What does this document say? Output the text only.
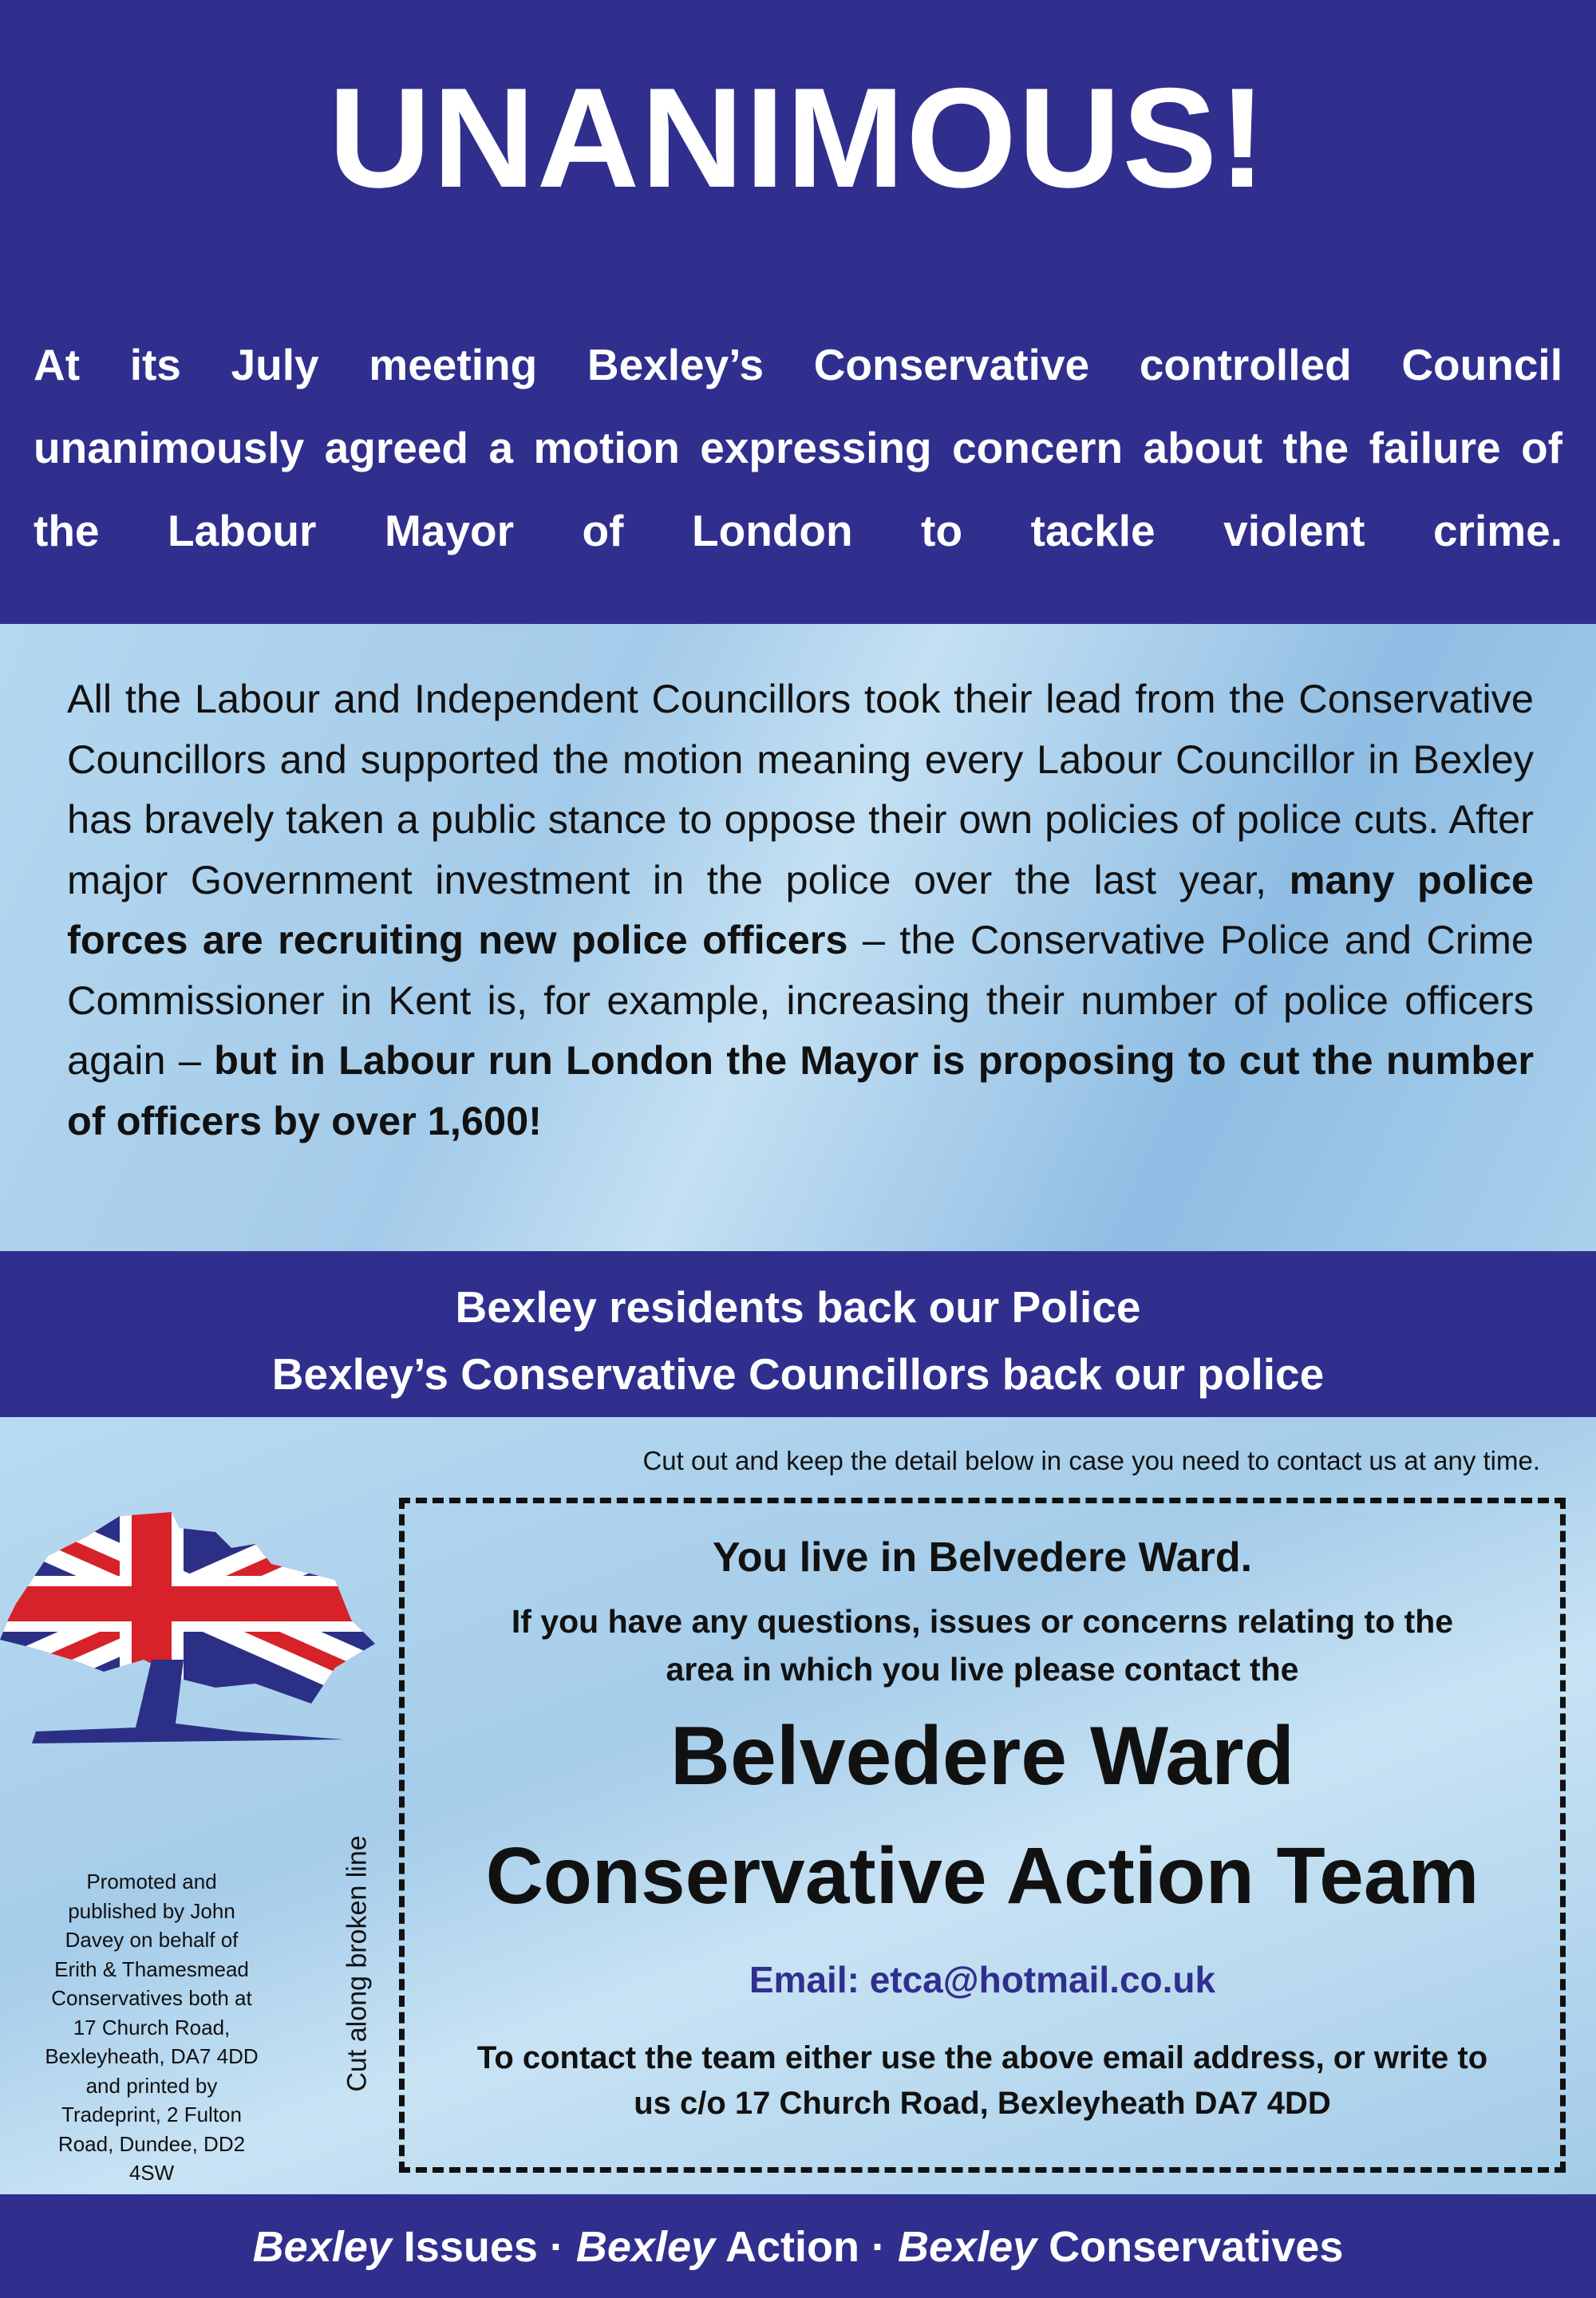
UNANIMOUS!
At its July meeting Bexley’s Conservative controlled Council unanimously agreed a motion expressing concern about the failure of the Labour Mayor of London to tackle violent crime.
All the Labour and Independent Councillors took their lead from the Conservative Councillors and supported the motion meaning every Labour Councillor in Bexley has bravely taken a public stance to oppose their own policies of police cuts. After major Government investment in the police over the last year, many police forces are recruiting new police officers – the Conservative Police and Crime Commissioner in Kent is, for example, increasing their number of police officers again – but in Labour run London the Mayor is proposing to cut the number of officers by over 1,600!
Bexley residents back our Police
Bexley’s Conservative Councillors back our police
Promoted and
published by John
Davey on behalf of
Erith & Thamesmead
Conservatives both at
17 Church Road,
Bexleyheath, DA7 4DD
and printed by
Tradeprint, 2 Fulton
Road, Dundee, DD2
4SW
Cut out and keep the detail below in case you need to contact us at any time.
Cut along broken line
You live in Belvedere Ward.
If you have any questions, issues or concerns relating to the
area in which you live please contact the
Belvedere Ward
Conservative Action Team
Email: etca@hotmail.co.uk
To contact the team either use the above email address, or write to
us c/o 17 Church Road, Bexleyheath DA7 4DD
Bexley Issues · Bexley Action · Bexley Conservatives
